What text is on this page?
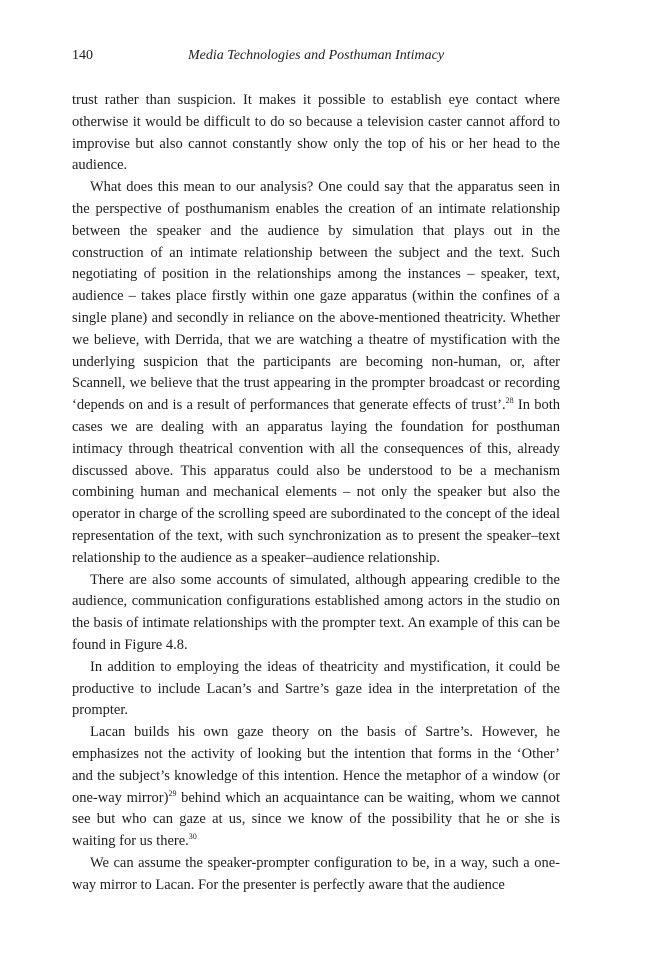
140	Media Technologies and Posthuman Intimacy

trust rather than suspicion. It makes it possible to establish eye contact where otherwise it would be difficult to do so because a television caster cannot afford to improvise but also cannot constantly show only the top of his or her head to the audience.

What does this mean to our analysis? One could say that the apparatus seen in the perspective of posthumanism enables the creation of an intimate relationship between the speaker and the audience by simulation that plays out in the construction of an intimate relationship between the subject and the text. Such negotiating of position in the relationships among the instances – speaker, text, audience – takes place firstly within one gaze apparatus (within the confines of a single plane) and secondly in reliance on the above-mentioned theatricity. Whether we believe, with Derrida, that we are watching a theatre of mystification with the underlying suspicion that the participants are becoming non-human, or, after Scannell, we believe that the trust appearing in the prompter broadcast or recording ‘depends on and is a result of performances that generate effects of trust’.$^{28}$ In both cases we are dealing with an apparatus laying the foundation for posthuman intimacy through theatrical convention with all the consequences of this, already discussed above. This apparatus could also be understood to be a mechanism combining human and mechanical elements – not only the speaker but also the operator in charge of the scrolling speed are subordinated to the concept of the ideal representation of the text, with such synchronization as to present the speaker–text relationship to the audience as a speaker–audience relationship.

There are also some accounts of simulated, although appearing credible to the audience, communication configurations established among actors in the studio on the basis of intimate relationships with the prompter text. An example of this can be found in Figure 4.8.

In addition to employing the ideas of theatricity and mystification, it could be productive to include Lacan’s and Sartre’s gaze idea in the interpretation of the prompter.

Lacan builds his own gaze theory on the basis of Sartre’s. However, he emphasizes not the activity of looking but the intention that forms in the ‘Other’ and the subject’s knowledge of this intention. Hence the metaphor of a window (or one-way mirror)$^{29}$ behind which an acquaintance can be waiting, whom we cannot see but who can gaze at us, since we know of the possibility that he or she is waiting for us there.$^{30}$

We can assume the speaker-prompter configuration to be, in a way, such a one-way mirror to Lacan. For the presenter is perfectly aware that the audience
